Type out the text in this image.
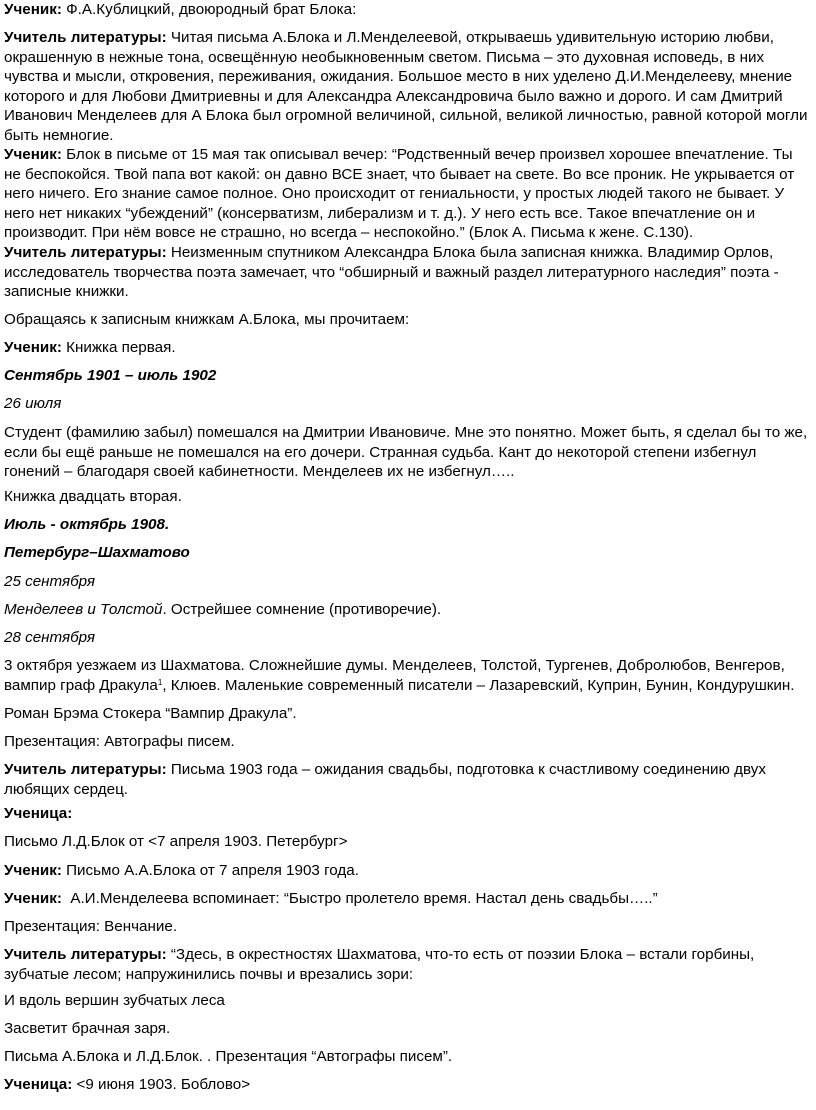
Ученик: Ф.А.Кублицкий, двоюродный брат Блока:

Учитель литературы: Читая письма А.Блока и Л.Менделеевой, открываешь удивительную историю любви, окрашенную в нежные тона, освещённую необыкновенным светом. Письма – это духовная исповедь, в них чувства и мысли, откровения, переживания, ожидания. Большое место в них уделено Д.И.Менделееву, мнение которого и для Любови Дмитриевны и для Александра Александровича было важно и дорого. И сам Дмитрий Иванович Менделеев для А Блока был огромной величиной, сильной, великой личностью, равной которой могли быть немногие.

Ученик: Блок в письме от 15 мая так описывал вечер: “Родственный вечер произвел хорошее впечатление. Ты не беспокойся. Твой папа вот какой: он давно ВСЕ знает, что бывает на свете. Во все проник. Не укрывается от него ничего. Его знание самое полное. Оно происходит от гениальности, у простых людей такого не бывает. У него нет никаких “убеждений” (консерватизм, либерализм и т. д.). У него есть все. Такое впечатление он и производит. При нём вовсе не страшно, но всегда – неспокойно.” (Блок А. Письма к жене. С.130).

Учитель литературы: Неизменным спутником Александра Блока была записная книжка. Владимир Орлов, исследователь творчества поэта замечает, что “обширный и важный раздел литературного наследия” поэта - записные книжки.

Обращаясь к записным книжкам А.Блока, мы прочитаем:

Ученик: Книжка первая.

Сентябрь 1901 – июль 1902

26 июля

Студент (фамилию забыл) помешался на Дмитрии Ивановиче. Мне это понятно. Может быть, я сделал бы то же, если бы ещё раньше не помешался на его дочери. Странная судьба. Кант до некоторой степени избегнул гонений – благодаря своей кабинетности. Менделеев их не избегнул…..

Книжка двадцать вторая.

Июль - октябрь 1908.

Петербург–Шахматово

25 сентября

Менделеев и Толстой. Острейшее сомнение (противоречие).

28 сентября

3 октября уезжаем из Шахматова. Сложнейшие думы. Менделеев, Толстой, Тургенев, Добролюбов, Венгеров, вампир граф Дракула$^1$, Клюев. Маленькие современный писатели – Лазаревский, Куприн, Бунин, Кондурушкин.

Роман Брэма Стокера “Вампир Дракула”.

Презентация: Автографы писем.

Учитель литературы: Письма 1903 года – ожидания свадьбы, подготовка к счастливому соединению двух любящих сердец.

Ученица:

Письмо Л.Д.Блок от <7 апреля 1903. Петербург>

Ученик: Письмо А.А.Блока от 7 апреля 1903 года.

Ученик:  А.И.Менделеева вспоминает: “Быстро пролетело время. Настал день свадьбы…..”

Презентация: Венчание.

Учитель литературы: “Здесь, в окрестностях Шахматова, что-то есть от поэзии Блока – встали горбины, зубчатые лесом; напружинились почвы и врезались зори:

И вдоль вершин зубчатых леса

Засветит брачная заря.

Письма А.Блока и Л.Д.Блок. . Презентация “Автографы писем”.

Ученица: <9 июня 1903. Боблово>
